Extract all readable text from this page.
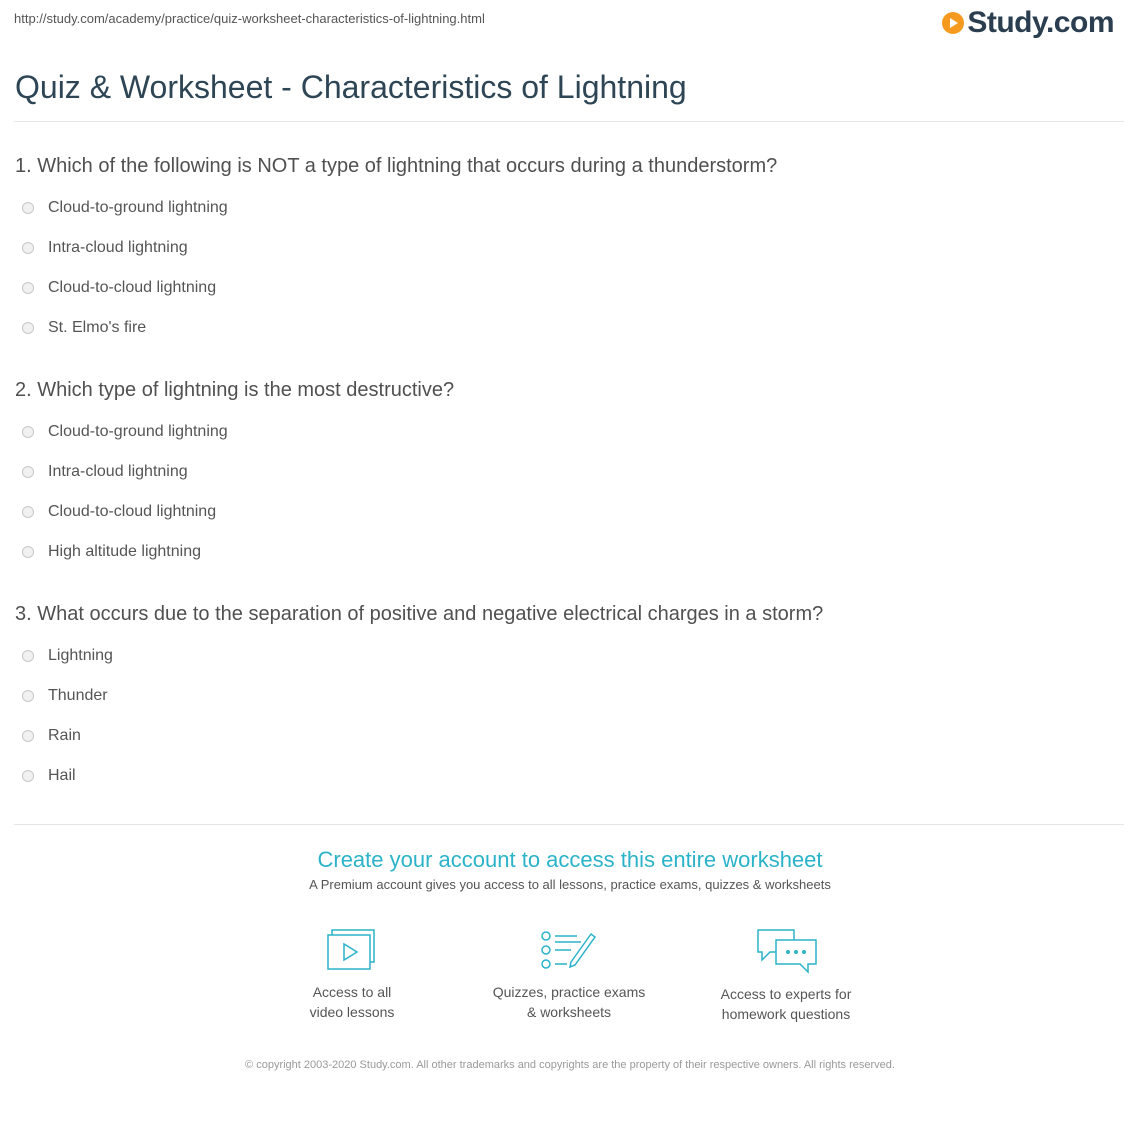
http://study.com/academy/practice/quiz-worksheet-characteristics-of-lightning.html	Study.com
Quiz & Worksheet - Characteristics of Lightning
1. Which of the following is NOT a type of lightning that occurs during a thunderstorm?
Cloud-to-ground lightning
Intra-cloud lightning
Cloud-to-cloud lightning
St. Elmo's fire
2. Which type of lightning is the most destructive?
Cloud-to-ground lightning
Intra-cloud lightning
Cloud-to-cloud lightning
High altitude lightning
3. What occurs due to the separation of positive and negative electrical charges in a storm?
Lightning
Thunder
Rain
Hail
Create your account to access this entire worksheet
A Premium account gives you access to all lessons, practice exams, quizzes & worksheets
Access to all
video lessons
Quizzes, practice exams
& worksheets
Access to experts for
homework questions
© copyright 2003-2020 Study.com. All other trademarks and copyrights are the property of their respective owners. All rights reserved.
